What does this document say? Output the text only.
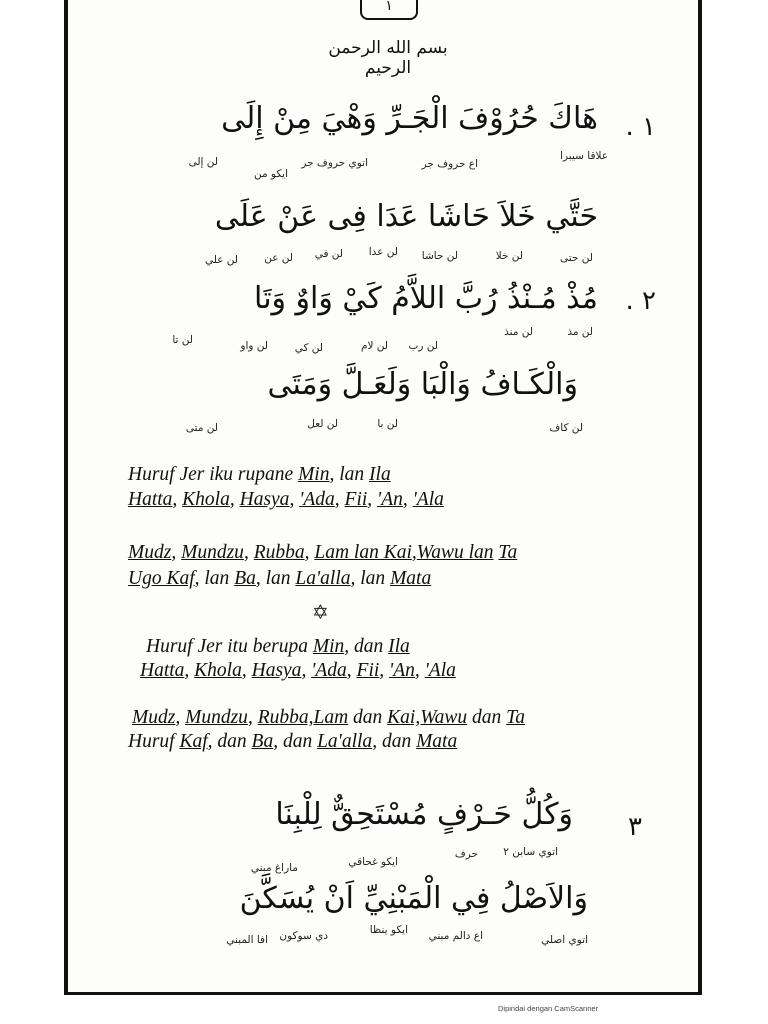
١
بسم الله الرحمن الرحيم
١ .
هَاكَ حُرُوْفَ الْجَـرِّ وَهْيَ مِنْ إِلَى
علاقا سيبرا
اع حروف جر
اتوي حروف جر
ايكو من
لن إلى
حَتَّي خَلاَ حَاشَا عَدَا فِى عَنْ عَلَى
لن حتى
لن خلا
لن حاشا
لن عدا
لن في
لن عن
لن علي
٢ .
مُذْ مُـنْذُ رُبَّ اللاَّمُ كَيْ وَاوٌ وَتَا
لن مذ
لن منذ
لن رب
لن لام
لن كي
لن واو
لن تا
وَالْكَـافُ وَالْبَا وَلَعَـلَّ وَمَتَى
لن كاف
لن با
لن لعل
لن متى
Huruf Jer iku rupane Min, lan Ila
Hatta, Khola, Hasya, 'Ada, Fii, 'An, 'Ala
Mudz, Mundzu, Rubba, Lam lan Kai,Wawu lan Ta
Ugo Kaf, lan Ba, lan La'alla, lan Mata
✡
Huruf Jer itu berupa Min, dan Ila
Hatta, Khola, Hasya, 'Ada, Fii, 'An, 'Ala
Mudz, Mundzu, Rubba,Lam dan Kai,Wawu dan Ta
Huruf Kaf, dan Ba, dan La'alla, dan Mata
٣
وَكُلُّ حَـرْفٍ مُسْتَحِقٌّ لِلْبِنَا
اتوي سابن ٢
حرف
ايكو غحاقي
ماراغ مبني
وَالاَصْلُ فِي الْمَبْنِيِّ اَنْ يُسَكَّنَ
اتوي اصلي
اع دالم مبني
ايكو ينظا
دي سوكون
افا المبني
Dipindai dengan CamScanner
